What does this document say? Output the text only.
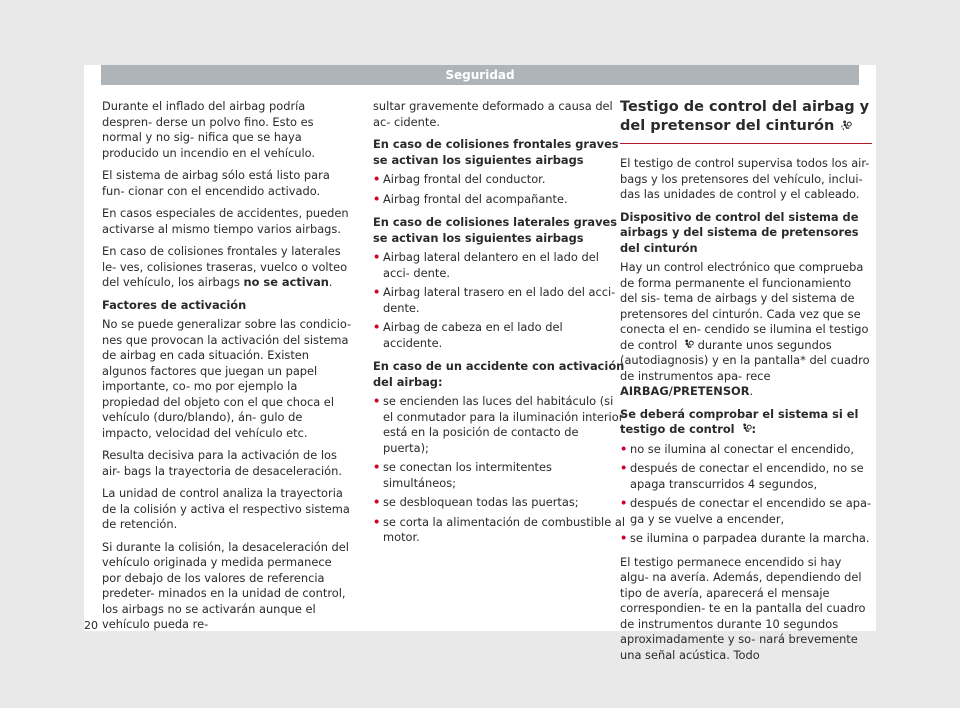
Seguridad

Durante el inflado del airbag podría despren- derse un polvo fino. Esto es normal y no sig- nifica que se haya producido un incendio en el vehículo.

El sistema de airbag sólo está listo para fun- cionar con el encendido activado.

En casos especiales de accidentes, pueden activarse al mismo tiempo varios airbags.

En caso de colisiones frontales y laterales le- ves, colisiones traseras, vuelco o volteo del vehículo, los airbags no se activan.

Factores de activación

No se puede generalizar sobre las condicio- nes que provocan la activación del sistema de airbag en cada situación. Existen algunos factores que juegan un papel importante, co- mo por ejemplo la propiedad del objeto con el que choca el vehículo (duro/blando), án- gulo de impacto, velocidad del vehículo etc.

Resulta decisiva para la activación de los air- bags la trayectoria de desaceleración.

La unidad de control analiza la trayectoria de la colisión y activa el respectivo sistema de retención.

Si durante la colisión, la desaceleración del vehículo originada y medida permanece por debajo de los valores de referencia predeter- minados en la unidad de control, los airbags no se activarán aunque el vehículo pueda re-

sultar gravemente deformado a causa del ac- cidente.

En caso de colisiones frontales graves se activan los siguientes airbags

• Airbag frontal del conductor.
• Airbag frontal del acompañante.

En caso de colisiones laterales graves se activan los siguientes airbags

• Airbag lateral delantero en el lado del acci- dente.
• Airbag lateral trasero en el lado del acci- dente.
• Airbag de cabeza en el lado del accidente.

En caso de un accidente con activación del airbag:

• se encienden las luces del habitáculo (si el conmutador para la iluminación interior está en la posición de contacto de puerta);
• se conectan los intermitentes simultáneos;
• se desbloquean todas las puertas;
• se corta la alimentación de combustible al motor.
Testigo de control del airbag y del pretensor del cinturón

El testigo de control supervisa todos los air- bags y los pretensores del vehículo, inclui- das las unidades de control y el cableado.

Dispositivo de control del sistema de airbags y del sistema de pretensores del cinturón

Hay un control electrónico que comprueba de forma permanente el funcionamiento del sis- tema de airbags y del sistema de pretensores del cinturón. Cada vez que se conecta el en- cendido se ilumina el testigo de control durante unos segundos (autodiagnosis) y en la pantalla* del cuadro de instrumentos apa- rece AIRBAG/PRETENSOR.

Se deberá comprobar el sistema si el testigo de control :

• no se ilumina al conectar el encendido,
• después de conectar el encendido, no se apaga transcurridos 4 segundos,
• después de conectar el encendido se apa- ga y se vuelve a encender,
• se ilumina o parpadea durante la marcha.

El testigo permanece encendido si hay algu- na avería. Además, dependiendo del tipo de avería, aparecerá el mensaje correspondien- te en la pantalla del cuadro de instrumentos durante 10 segundos aproximadamente y so- nará brevemente una señal acústica. Todo

20
